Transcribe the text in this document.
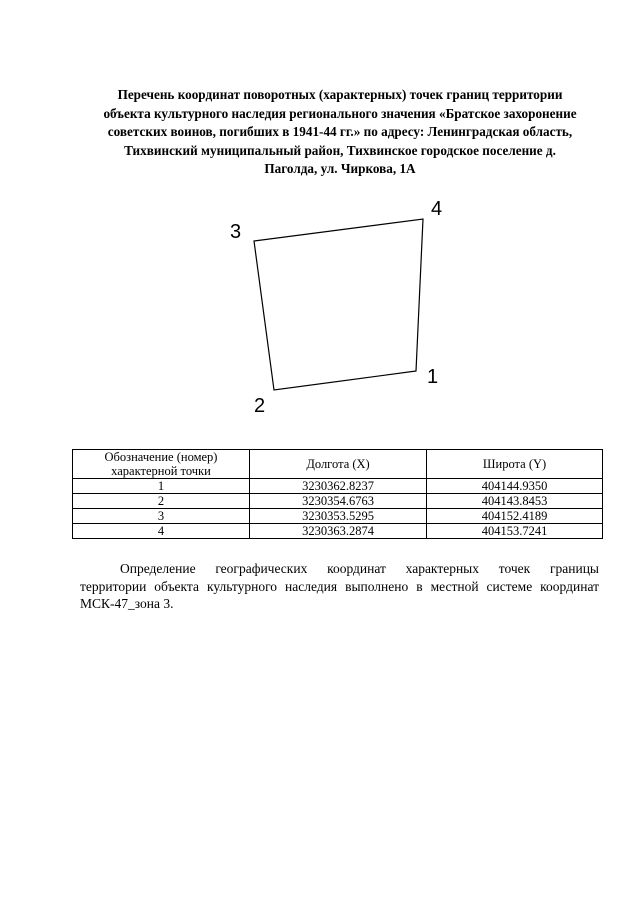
Перечень координат поворотных (характерных) точек границ территории
объекта культурного наследия регионального значения «Братское захоронение
советских воинов, погибших в 1941-44 гг.» по адресу: Ленинградская область,
Тихвинский муниципальный район, Тихвинское городское поселение д.
Паголда, ул. Чиркова, 1А
1
2
3
4
Обозначение (номер)
характерной точки	Долгота (X)	Широта (Y)
1	3230362.8237	404144.9350
2	3230354.6763	404143.8453
3	3230353.5295	404152.4189
4	3230363.2874	404153.7241
Определение географических координат характерных точек границы
территории объекта культурного наследия выполнено в местной системе координат
МСК-47_зона 3.
